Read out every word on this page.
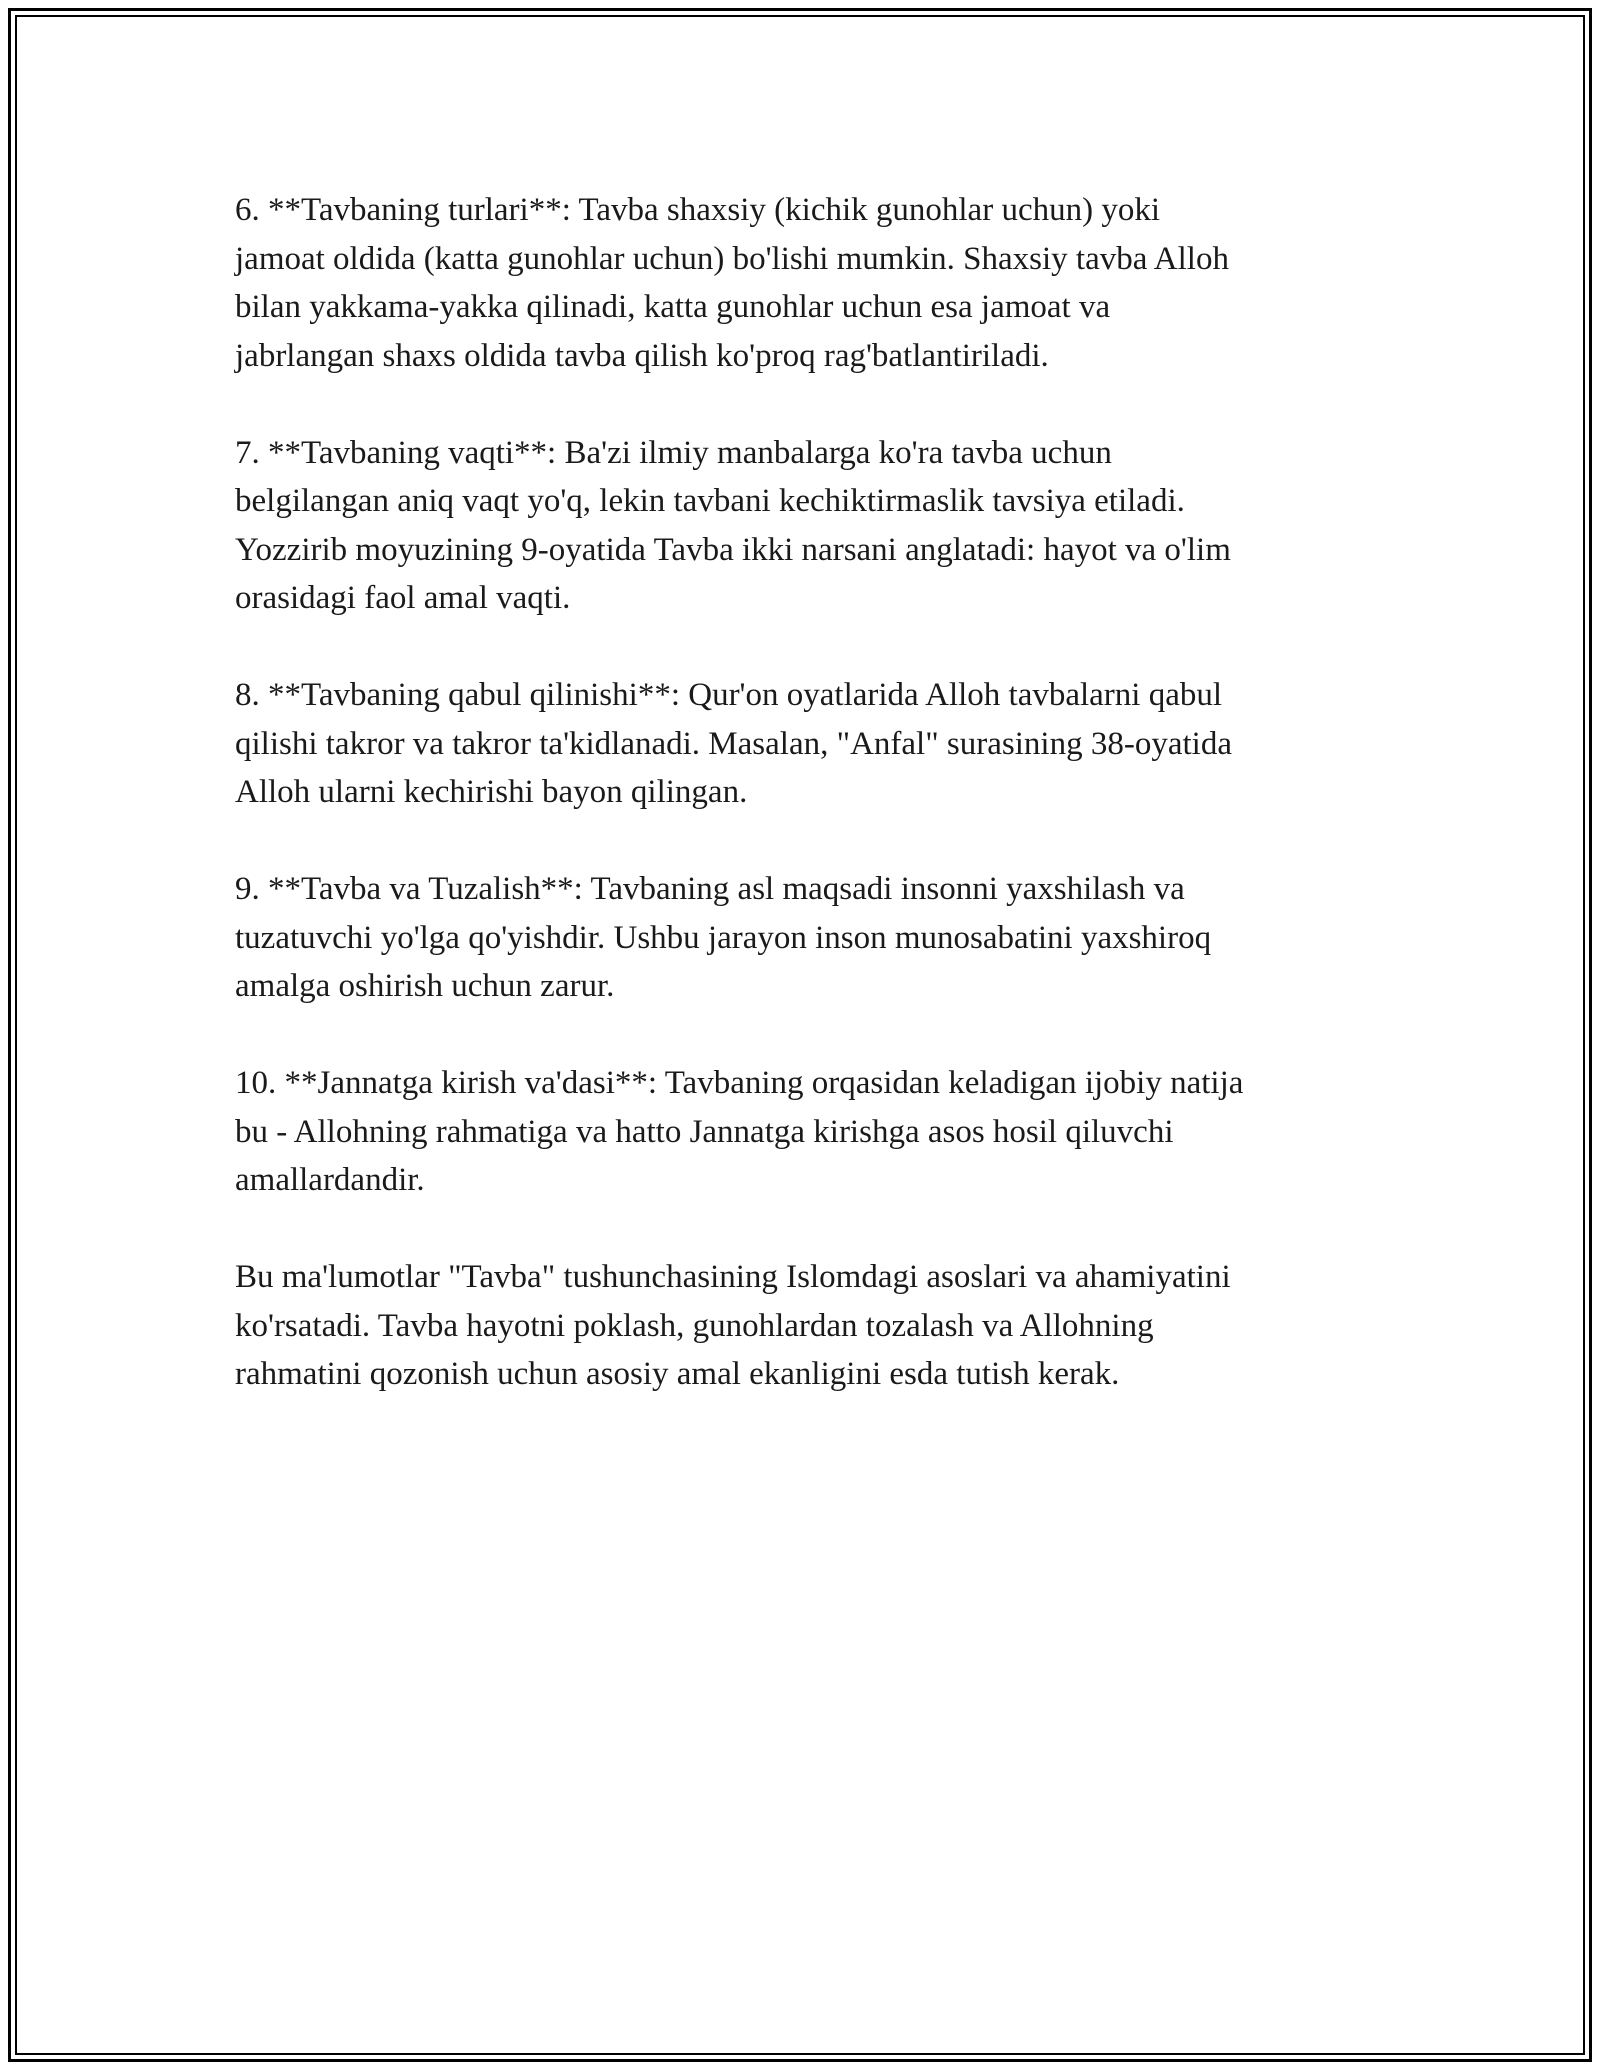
6. **Tavbaning turlari**: Tavba shaxsiy (kichik gunohlar uchun) yoki
jamoat oldida (katta gunohlar uchun) bo'lishi mumkin. Shaxsiy tavba Alloh
bilan yakkama-yakka qilinadi, katta gunohlar uchun esa jamoat va
jabrlangan shaxs oldida tavba qilish ko'proq rag'batlantiriladi.

7. **Tavbaning vaqti**: Ba'zi ilmiy manbalarga ko'ra tavba uchun
belgilangan aniq vaqt yo'q, lekin tavbani kechiktirmaslik tavsiya etiladi.
Yozzirib moyuzining 9-oyatida Tavba ikki narsani anglatadi: hayot va o'lim
orasidagi faol amal vaqti.

8. **Tavbaning qabul qilinishi**: Qur'on oyatlarida Alloh tavbalarni qabul
qilishi takror va takror ta'kidlanadi. Masalan, "Anfal" surasining 38-oyatida
Alloh ularni kechirishi bayon qilingan.

9. **Tavba va Tuzalish**: Tavbaning asl maqsadi insonni yaxshilash va
tuzatuvchi yo'lga qo'yishdir. Ushbu jarayon inson munosabatini yaxshiroq
amalga oshirish uchun zarur.

10. **Jannatga kirish va'dasi**: Tavbaning orqasidan keladigan ijobiy natija
bu - Allohning rahmatiga va hatto Jannatga kirishga asos hosil qiluvchi
amallardandir.

Bu ma'lumotlar "Tavba" tushunchasining Islomdagi asoslari va ahamiyatini
ko'rsatadi. Tavba hayotni poklash, gunohlardan tozalash va Allohning
rahmatini qozonish uchun asosiy amal ekanligini esda tutish kerak.
